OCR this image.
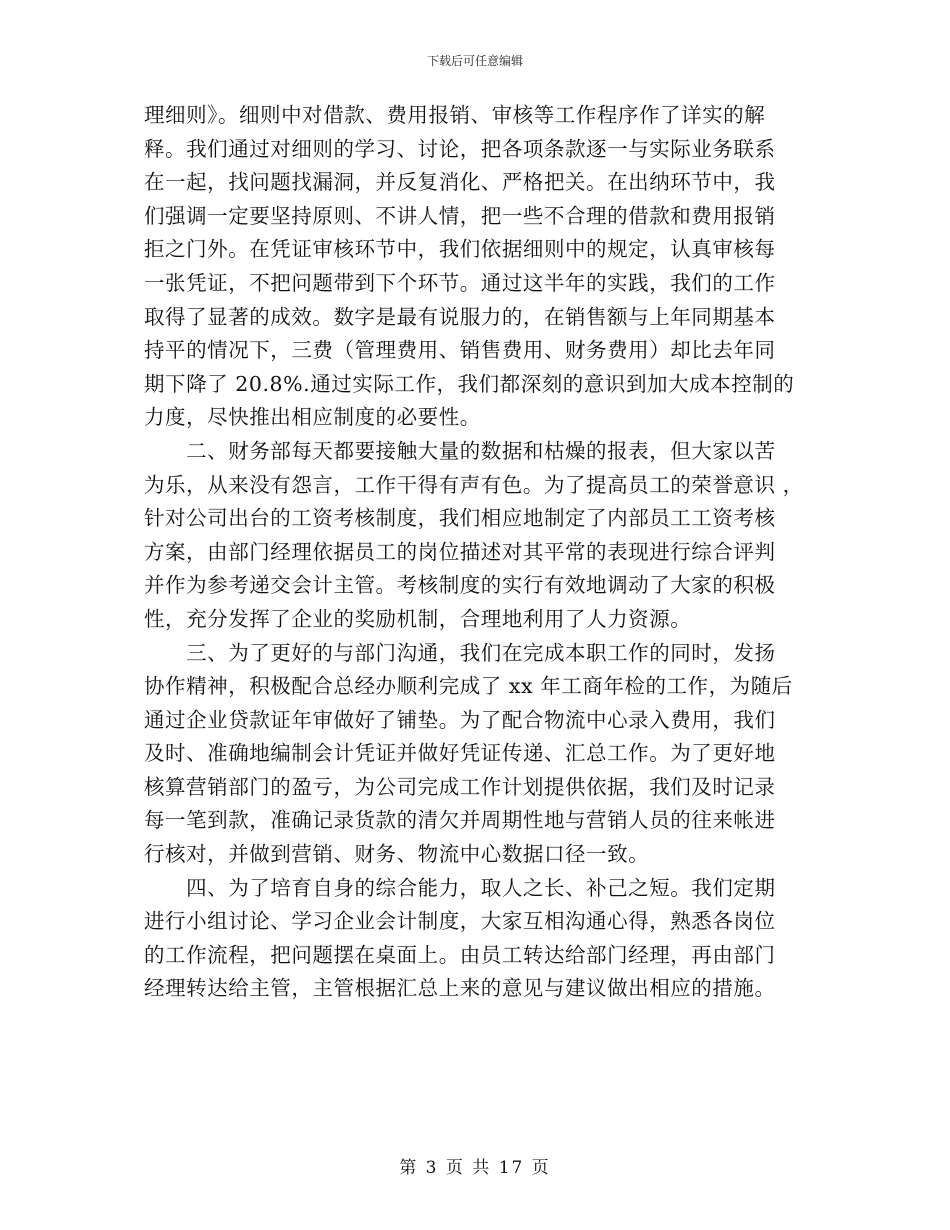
下载后可任意编辑
理细则》。细则中对借款、费用报销、审核等工作程序作了详实的解
释。我们通过对细则的学习、讨论，把各项条款逐一与实际业务联系
在一起，找问题找漏洞，并反复消化、严格把关。在出纳环节中，我
们强调一定要坚持原则、不讲人情，把一些不合理的借款和费用报销
拒之门外。在凭证审核环节中，我们依据细则中的规定，认真审核每
一张凭证，不把问题带到下个环节。通过这半年的实践，我们的工作
取得了显著的成效。数字是最有说服力的，在销售额与上年同期基本
持平的情况下，三费（管理费用、销售费用、财务费用）却比去年同
期下降了 20.8%.通过实际工作，我们都深刻的意识到加大成本控制的
力度，尽快推出相应制度的必要性。
　　二、财务部每天都要接触大量的数据和枯燥的报表，但大家以苦
为乐，从来没有怨言，工作干得有声有色。为了提高员工的荣誉意识 ，
针对公司出台的工资考核制度，我们相应地制定了内部员工工资考核
方案，由部门经理依据员工的岗位描述对其平常的表现进行综合评判
并作为参考递交会计主管。考核制度的实行有效地调动了大家的积极
性，充分发挥了企业的奖励机制，合理地利用了人力资源。
　　三、为了更好的与部门沟通，我们在完成本职工作的同时，发扬
协作精神，积极配合总经办顺利完成了 xx 年工商年检的工作，为随后
通过企业贷款证年审做好了铺垫。为了配合物流中心录入费用，我们
及时、准确地编制会计凭证并做好凭证传递、汇总工作。为了更好地
核算营销部门的盈亏，为公司完成工作计划提供依据，我们及时记录
每一笔到款，准确记录货款的清欠并周期性地与营销人员的往来帐进
行核对，并做到营销、财务、物流中心数据口径一致。
　　四、为了培育自身的综合能力，取人之长、补己之短。我们定期
进行小组讨论、学习企业会计制度，大家互相沟通心得，熟悉各岗位
的工作流程，把问题摆在桌面上。由员工转达给部门经理，再由部门
经理转达给主管，主管根据汇总上来的意见与建议做出相应的措施。
第 3 页 共 17 页
